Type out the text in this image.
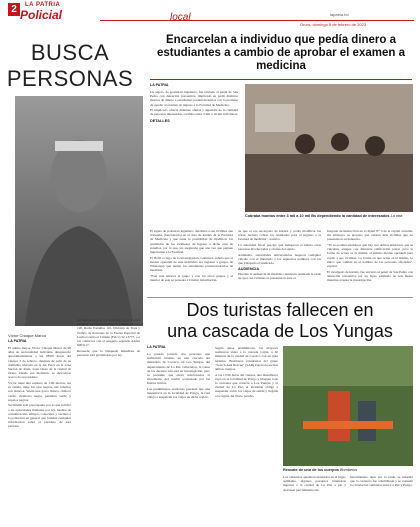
2	LA PATRIA
Policial	local	lapatria.bo
Oruro, domingo 5 de febrero de 2023
BUSCA
PERSONAS
Víctor Choque Marca
LA PATRIA

El adulto mayor Víctor Choque Marca de 90 años de nacionalidad boliviana, desapareció aproximadamente a las 08:00 horas del viernes 3 de febrero, después de salir de su domicilio ubicado en la Av. Petot en la zona Sarzón de Jesús, zona Oeste de la ciudad de Oruro. Desde ese momento se desconoce acerca de su paradero.

Víctor tiene una estatura de 1,60 metros, tez es canela, tiene los ojos negros, sus cabellos son blancos. Vestía una gorra blanca, chaleco verde, chamarra negra, pantalón verde y zapatos negros.

Su familia está preocupada, por lo que solicitó a las autoridades llamadas por ley, medios de comunicación, amigos, conocidos y vecinos a la población en general que brinden cualquier información sobre el paradero de esta persona.

Comuníquese con los teléfonos de la Fuerza Especial de Lucha Contra el Crimen (Felcc) 120, Radio Patrullas 110, División de Trata y Tráfico de Personas de la Fuerza Especial de Lucha Contra el Crimen (Felcc) 52-13777, o a los contactos con el sargento segundo Aleiza 6003117.

Recuerde que la búsqueda inmediata de personas está garantizada por ley.

Encarcelan a individuo que pedía dinero a estudiantes a cambio de aprobar el examen a medicina
LA PATRIA

Un sujeto, de profesión ingeniero, fue enviado al penal de San Pedro con detención preventiva, implicado en pedir distintos montos de dinero a estudiantes preuniversitarios con la promesa de ayudar al examen de ingreso a la Facultad de Medicina.

El implicado ofrecía distintas ofertas y dependía de la cantidad de personas interesadas, oscilaba entre 3 mil a 10 mil bolivianos.

DETALLES
Cobraba montos entre 3 mil a 10 mil Bs dependiendo la cantidad de interesados La otra

El sujeto de profesión ingeniero, detallaba a sus víctimas que trabajaba (funcionario) en el área de kárdex de la Facultad de Medicina y que tenía la posibilidad de modificar los resultados de los exámenes de ingreso a dicha casa de estudios, por lo que, les aseguraba que una vez que paguen ingresarían a la Facultad.

El Bofil a cargo de la investigación, Gutiérrez, señaló que el modus operandi de este individuo era ingresar a grupos de WhatsApp que tenían los estudiantes preuniversitarios de medicina.

"Este sale enlaces al grupo y con los otros grupos y al interior de este se presenta a brindar información.

de que el era encargado de kárdex y podía modificar las notas, incluso cobrar los resultados para el ingreso a la facultad de medicina", sostuvo.

La autoridad fiscal precisó que indagaron si habría otras personas involucradas y ofertas del sujeto.

Asimismo, autoridades universitarias negaron cualquier vínculo con el imputado y los supuestos nombres con los que trabajaría el sindicado.

AUDIENCIA

Durante la audiencia de medidas cautelares realizada la tarde de ayer, las víctimas se presentaron ante el

Juzgado de Instrucción en lo Penal N° 3 de la capital oruveña, sin embargo, se propuso que existen más víctimas que no presentaron su denuncia.

"Ya no podían establecer que hay tres delitos anteriores que se vinculan, aunque con diferente calificación penal, pero la forma de actuar es la misma, el mismo modus operandi para captar a sus víctimas. La forma en que actúa es el mismo, lo único que cambia es el nombre de las personas afectadas", explicó.

El inculpado de kárdex, fue enviado al penal de San Pedro con detención preventiva por un lapso estimado de seis meses mientras avanza la investigación.

Dos turistas fallecen en
una cascada de Los Yungas
LA PATRIA

La pasada jornada dos personas que realizaban turismo en una cascada del municipio de Coroico, en Los Yungas, del departamento de La Paz, fallecieron, la causa de los decesos aún está en investigación, pero se presume que están relacionados al incremento del caudal ocasionado por las fuertes lluvias.

Las preliminares versiones precisan que una mazamorra en la localidad de Pongo, la cual obligó a suspender los viajes en dicha región.

Según datos preliminares, los mayores realizaron visita a la cascada Cajón, a 40 minutos de la ciudad de Coroico con un guía turístico. Bomberos voluntarios del grupo "Search And Rescue" (SAR) lograron rescatar ambos cuerpos.

A las 17:00 horas del viernes, una mazamorra cayó en la localidad de Pongo y bloqueó toda la carretera que conecta a Los Yungas y la ciudad de La Paz, el incidente obligó a suspender todos los viajes de salida y llegada a la región del Norte paceño.

Rescate de uno de los cuerpos Bomberos

Los vehículos quedaron detenidos en el lugar, asimismo, algunos pasajeros intentaron ingresar a la ciudad de La Paz a pie y atravesar parcialmente sin

herramientas. Ayer por la tarde, se informó que la carretera fue rehabilitada y se reanudó la circulación vehicular entre La Paz y Pongo.
